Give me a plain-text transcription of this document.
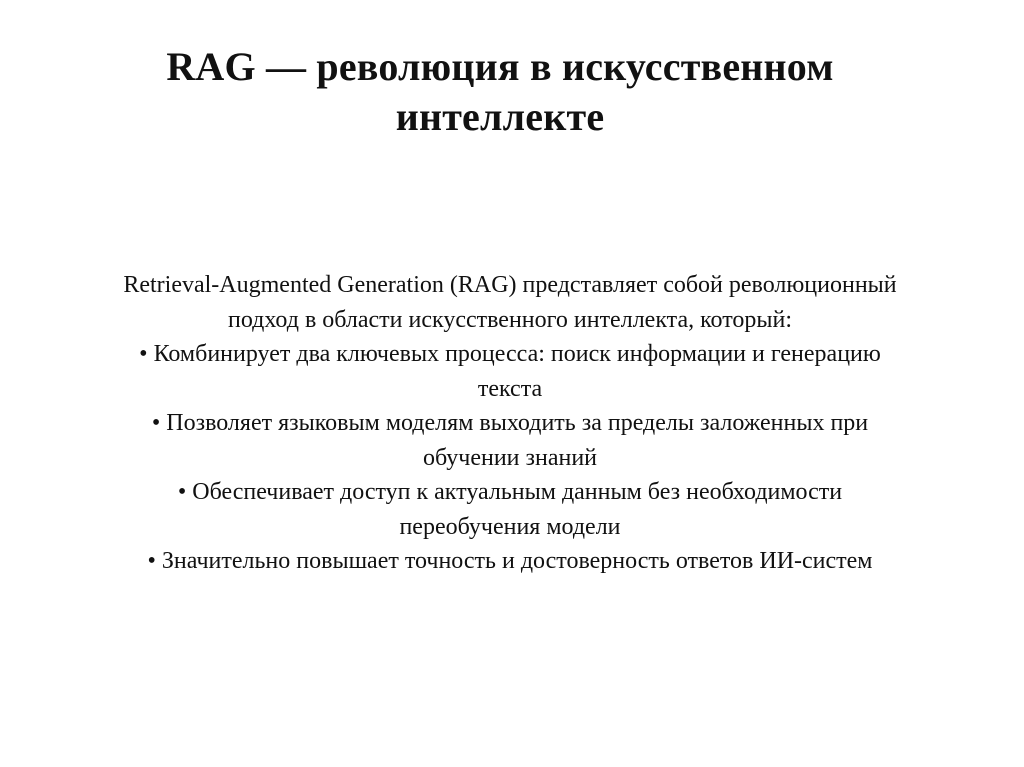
RAG — революция в искусственном
интеллекте
Retrieval-Augmented Generation (RAG) представляет собой революционный
подход в области искусственного интеллекта, который:
• Комбинирует два ключевых процесса: поиск информации и генерацию
текста
• Позволяет языковым моделям выходить за пределы заложенных при
обучении знаний
• Обеспечивает доступ к актуальным данным без необходимости
переобучения модели
• Значительно повышает точность и достоверность ответов ИИ-систем
